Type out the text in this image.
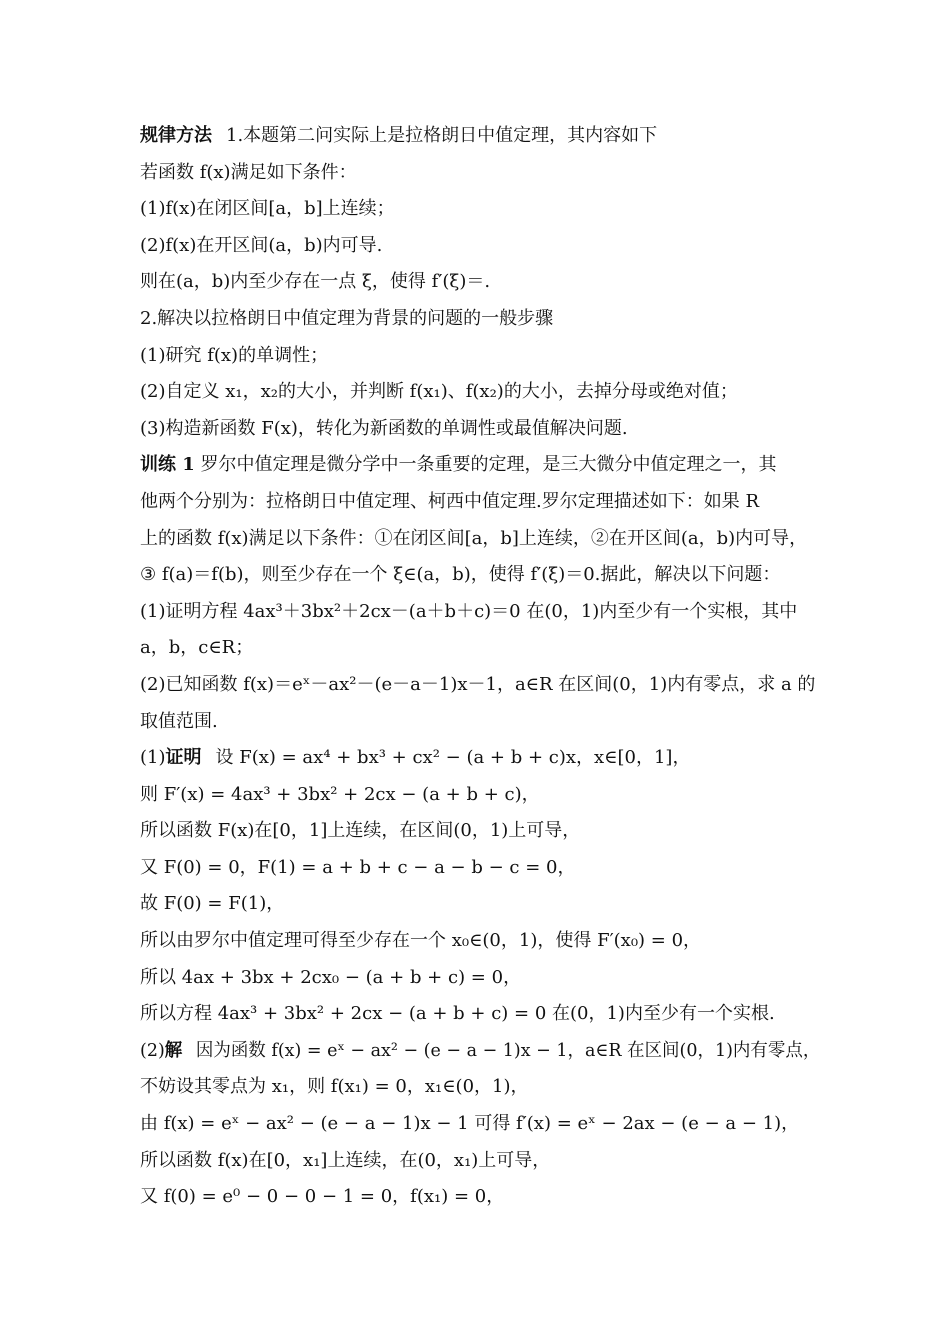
规律方法 1.本题第二问实际上是拉格朗日中值定理，其内容如下
若函数 f(x)满足如下条件：
(1)f(x)在闭区间[a，b]上连续；
(2)f(x)在开区间(a，b)内可导.
则在(a，b)内至少存在一点 ξ，使得 f′(ξ)＝.
2.解决以拉格朗日中值定理为背景的问题的一般步骤
(1)研究 f(x)的单调性；
(2)自定义 x₁，x₂的大小，并判断 f(x₁)、f(x₂)的大小，去掉分母或绝对值；
(3)构造新函数 F(x)，转化为新函数的单调性或最值解决问题.
训练 1 罗尔中值定理是微分学中一条重要的定理，是三大微分中值定理之一，其
他两个分别为：拉格朗日中值定理、柯西中值定理.罗尔定理描述如下：如果 R
上的函数 f(x)满足以下条件：①在闭区间[a，b]上连续，②在开区间(a，b)内可导，
③ f(a)＝f(b)，则至少存在一个 ξ∈(a，b)，使得 f′(ξ)＝0.据此，解决以下问题：
(1)证明方程 4ax³＋3bx²＋2cx－(a＋b＋c)＝0 在(0，1)内至少有一个实根，其中
a，b，c∈R；
(2)已知函数 f(x)＝eˣ－ax²－(e－a－1)x－1，a∈R 在区间(0，1)内有零点，求 a 的
取值范围.
(1)证明 设 F(x) = ax⁴ + bx³ + cx² − (a + b + c)x，x∈[0，1]，
则 F′(x) = 4ax³ + 3bx² + 2cx − (a + b + c)，
所以函数 F(x)在[0，1]上连续，在区间(0，1)上可导，
又 F(0) = 0，F(1) = a + b + c − a − b − c = 0，
故 F(0) = F(1)，
所以由罗尔中值定理可得至少存在一个 x₀∈(0，1)，使得 F′(x₀) = 0，
所以 4ax + 3bx + 2cx₀ − (a + b + c) = 0，
所以方程 4ax³ + 3bx² + 2cx − (a + b + c) = 0 在(0，1)内至少有一个实根.
(2)解 因为函数 f(x) = eˣ − ax² − (e − a − 1)x − 1，a∈R 在区间(0，1)内有零点，
不妨设其零点为 x₁，则 f(x₁) = 0，x₁∈(0，1)，
由 f(x) = eˣ − ax² − (e − a − 1)x − 1 可得 f′(x) = eˣ − 2ax − (e − a − 1)，
所以函数 f(x)在[0，x₁]上连续，在(0，x₁)上可导，
又 f(0) = e⁰ − 0 − 0 − 1 = 0，f(x₁) = 0，
